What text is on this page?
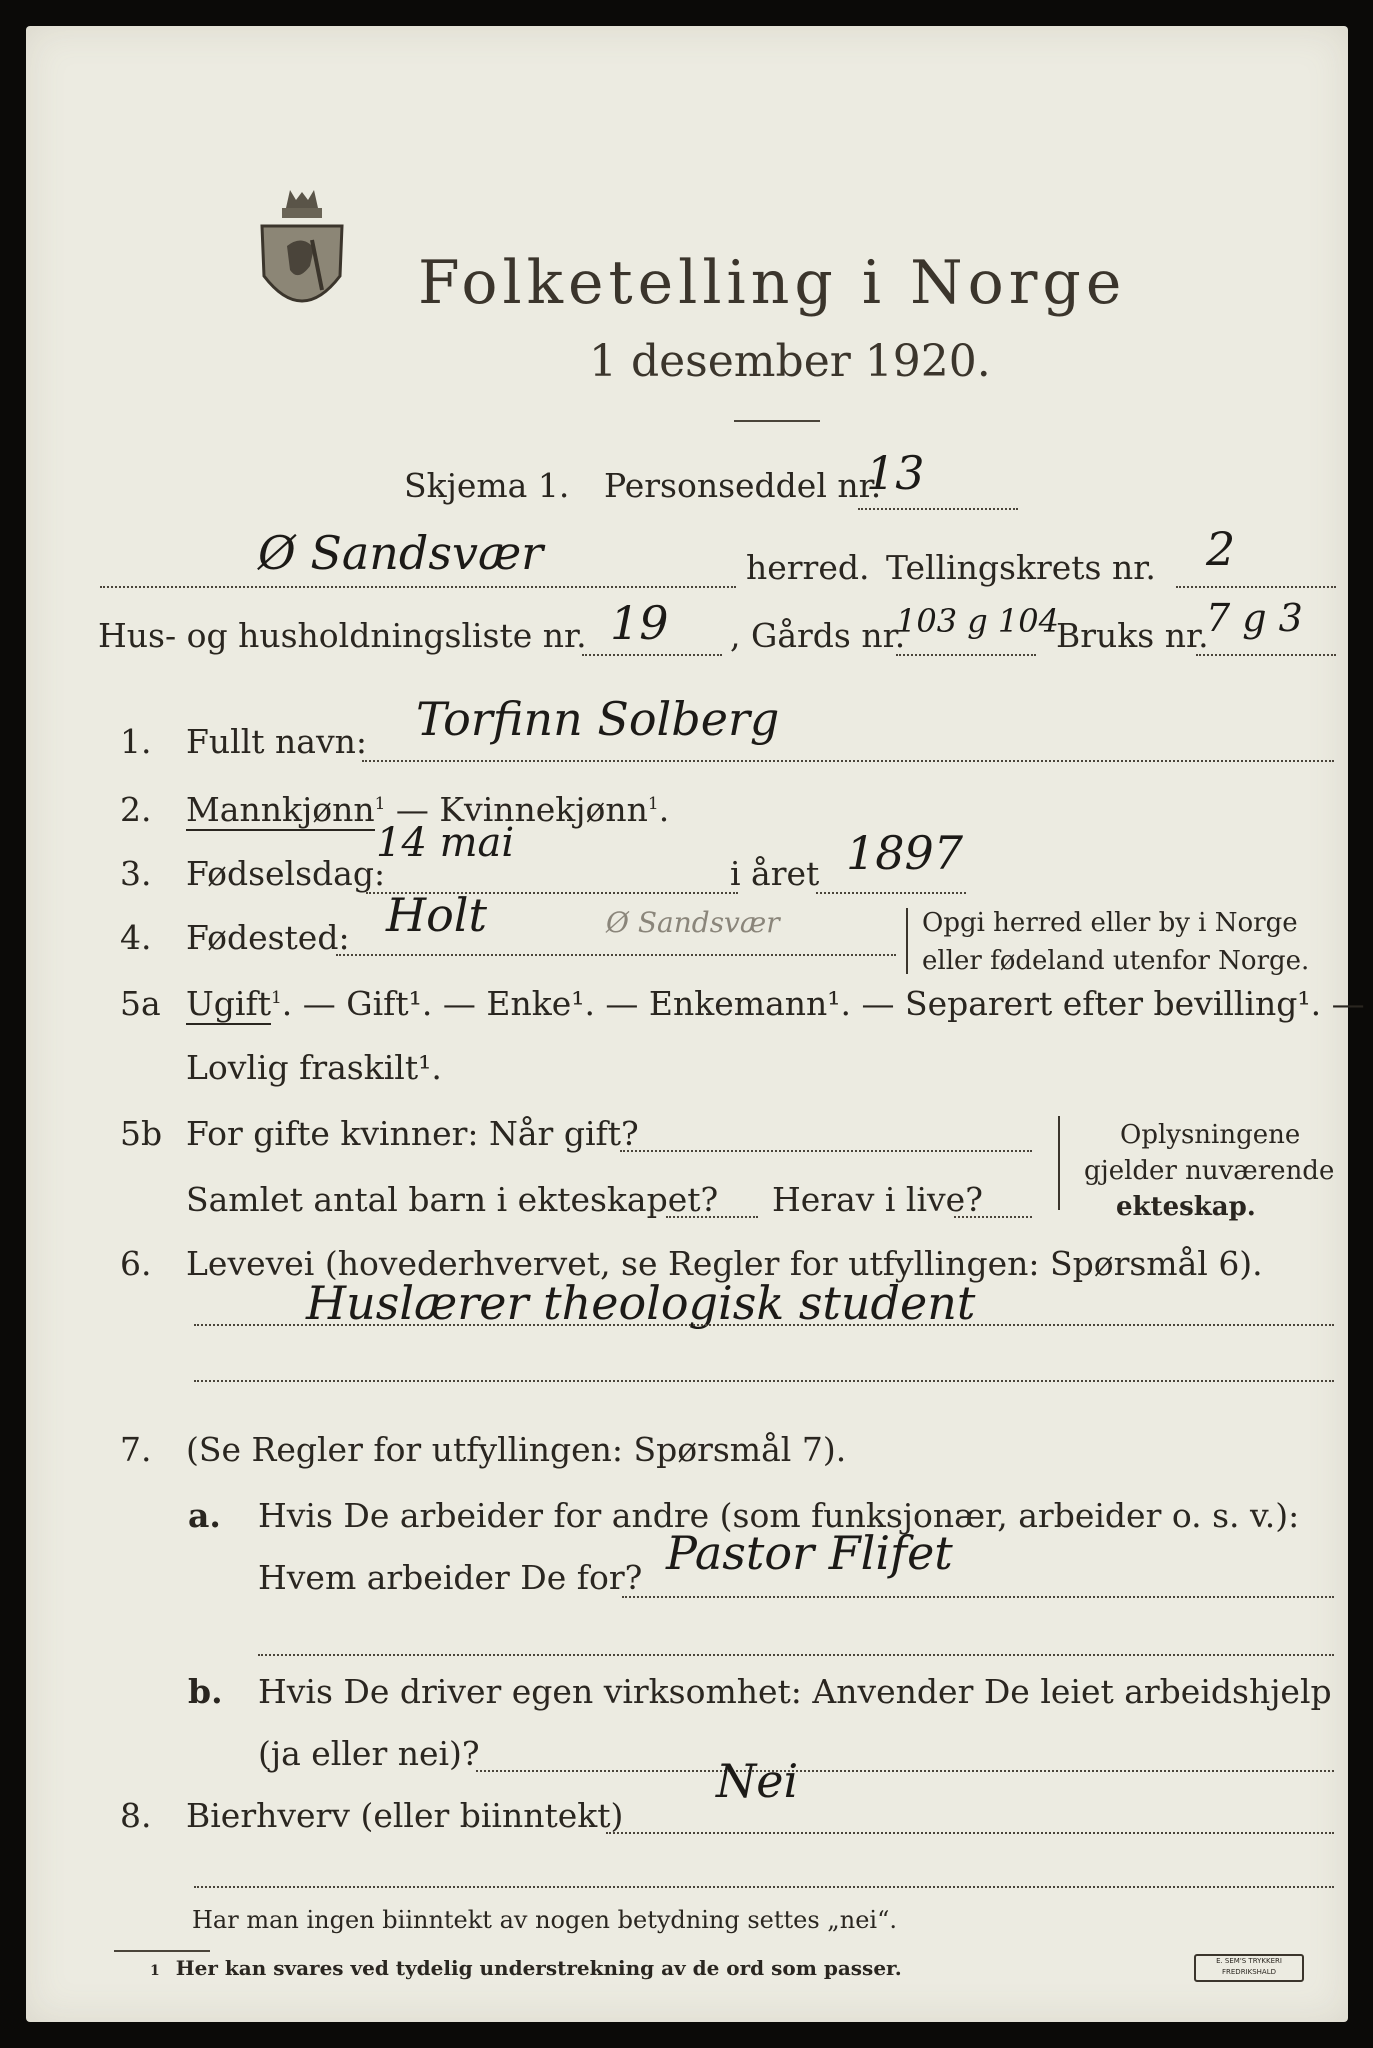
Folketelling i Norge
1 desember 1920.
Skjema 1. Personseddel nr.
13
Ø Sandsvær	herred. Tellingskrets nr. 2
Hus- og husholdningsliste nr. 19 , Gårds nr.
103 g 104
Bruks nr.
7 g 3
1. Fullt navn: Torfinn Solberg
2. Mannkjønn$^1$ — Kvinnekjønn$^1$.
3. Fødselsdag:
14 mai
i året 1897
4. Fødested: Holt	Ø Sandsvær	Opgi herred eller by i Norge
eller fødeland utenfor Norge.
5a Ugift$^1$. — Gift¹. — Enke¹. — Enkemann¹. — Separert efter bevilling¹. —
Lovlig fraskilt¹.
5b For gifte kvinner: Når gift?
Samlet antal barn i ekteskapet? Herav i live?
Oplysningene
gjelder nuværende
ekteskap.
6. Levevei (hovederhvervet, se Regler for utfyllingen: Spørsmål 6).
Huslærer theologisk student
7. (Se Regler for utfyllingen: Spørsmål 7).
a. Hvis De arbeider for andre (som funksjonær, arbeider o. s. v.):
Hvem arbeider De for? Pastor Flifet
b. Hvis De driver egen virksomhet: Anvender De leiet arbeidshjelp
(ja eller nei)?
8. Bierhverv (eller biinntekt)
Nei
Har man ingen biinntekt av nogen betydning settes „nei“.
1 Her kan svares ved tydelig understrekning av de ord som passer.	E. SEM'S TRYKKERI FREDRIKSHALD
